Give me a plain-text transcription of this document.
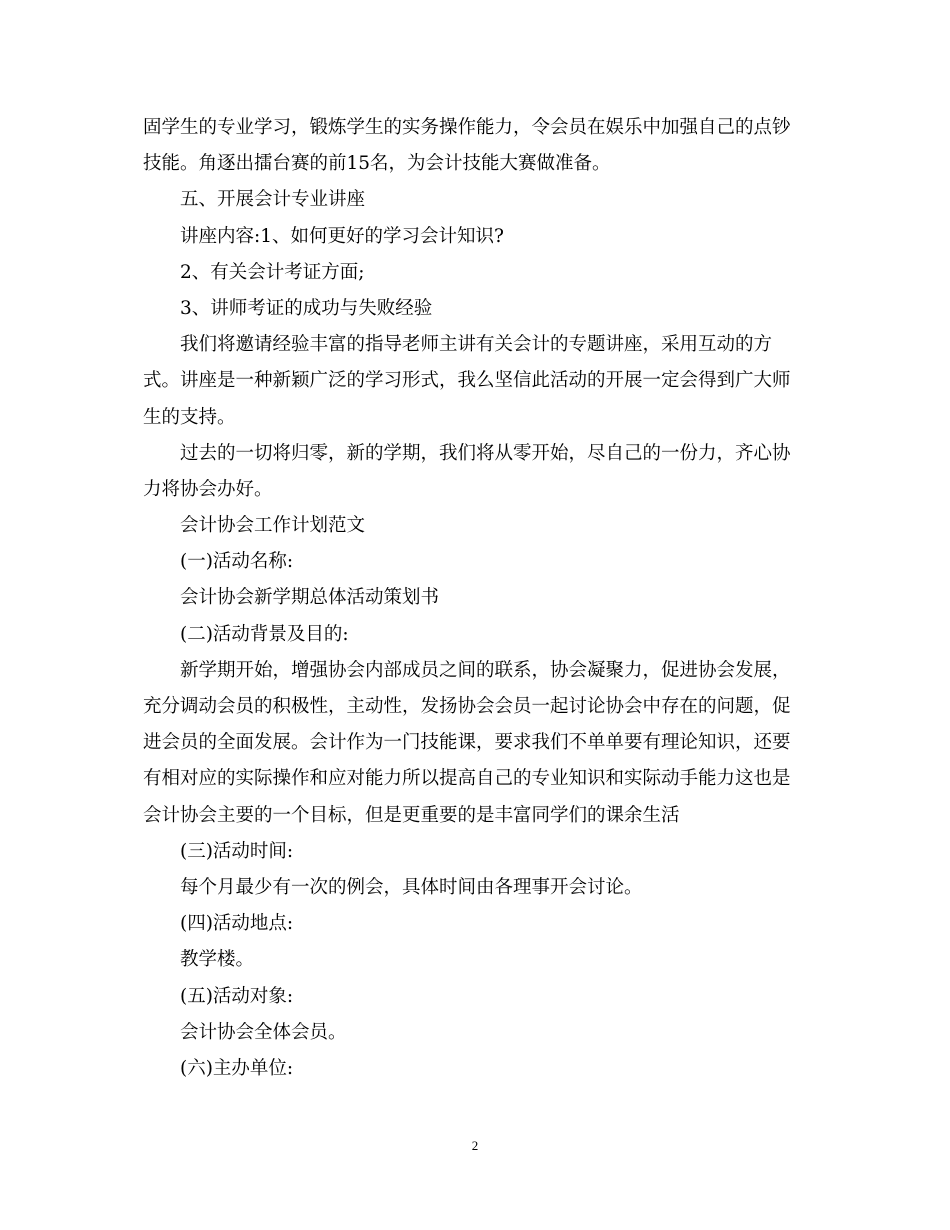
固学生的专业学习，锻炼学生的实务操作能力，令会员在娱乐中加强自己的点钞
技能。角逐出擂台赛的前15名，为会计技能大赛做准备。
五、开展会计专业讲座
讲座内容:1、如何更好的学习会计知识?
2、有关会计考证方面;
3、讲师考证的成功与失败经验
我们将邀请经验丰富的指导老师主讲有关会计的专题讲座，采用互动的方
式。讲座是一种新颖广泛的学习形式，我么坚信此活动的开展一定会得到广大师
生的支持。
过去的一切将归零，新的学期，我们将从零开始，尽自己的一份力，齐心协
力将协会办好。
会计协会工作计划范文
(一)活动名称:
会计协会新学期总体活动策划书
(二)活动背景及目的:
新学期开始，增强协会内部成员之间的联系，协会凝聚力，促进协会发展，
充分调动会员的积极性，主动性，发扬协会会员一起讨论协会中存在的问题，促
进会员的全面发展。会计作为一门技能课，要求我们不单单要有理论知识，还要
有相对应的实际操作和应对能力所以提高自己的专业知识和实际动手能力这也是
会计协会主要的一个目标，但是更重要的是丰富同学们的课余生活
(三)活动时间:
每个月最少有一次的例会，具体时间由各理事开会讨论。
(四)活动地点:
教学楼。
(五)活动对象:
会计协会全体会员。
(六)主办单位:
2
